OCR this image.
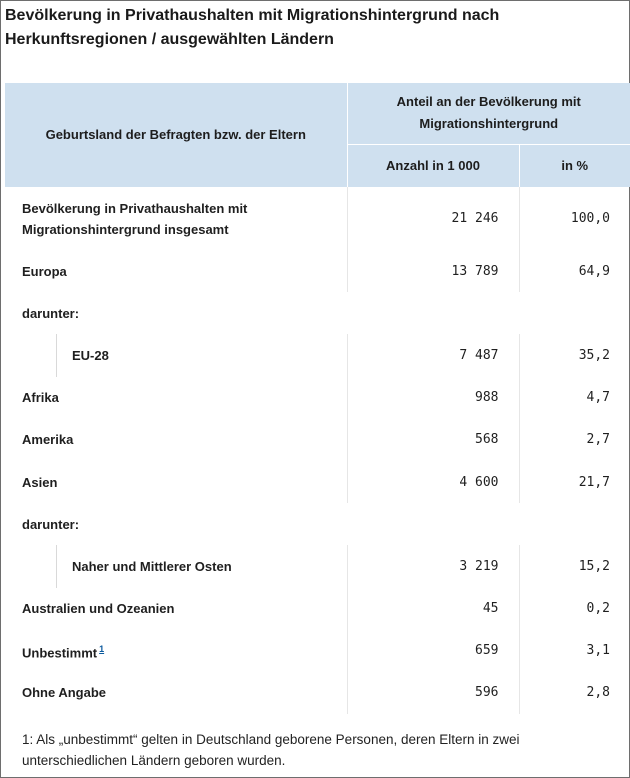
Bevölkerung in Privathaushalten mit Migrationshintergrund nach Herkunftsregionen / ausgewählten Ländern
Geburtsland der Befragten bzw. der Eltern	Anteil an der Bevölkerung mit Migrationshintergrund	
	Anzahl in 1 000	in %
Bevölkerung in Privathaushalten mit Migrationshintergrund insgesamt	21 246	100,0
Europa	13 789	64,9
darunter:		
EU-28	7 487	35,2
Afrika	988	4,7
Amerika	568	2,7
Asien	4 600	21,7
darunter:		
Naher und Mittlerer Osten	3 219	15,2
Australien und Ozeanien	45	0,2
Unbestimmt $^1$	659	3,1
Ohne Angabe	596	2,8
1: Als „unbestimmt“ gelten in Deutschland geborene Personen, deren Eltern in zwei unterschiedlichen Ländern geboren wurden.
